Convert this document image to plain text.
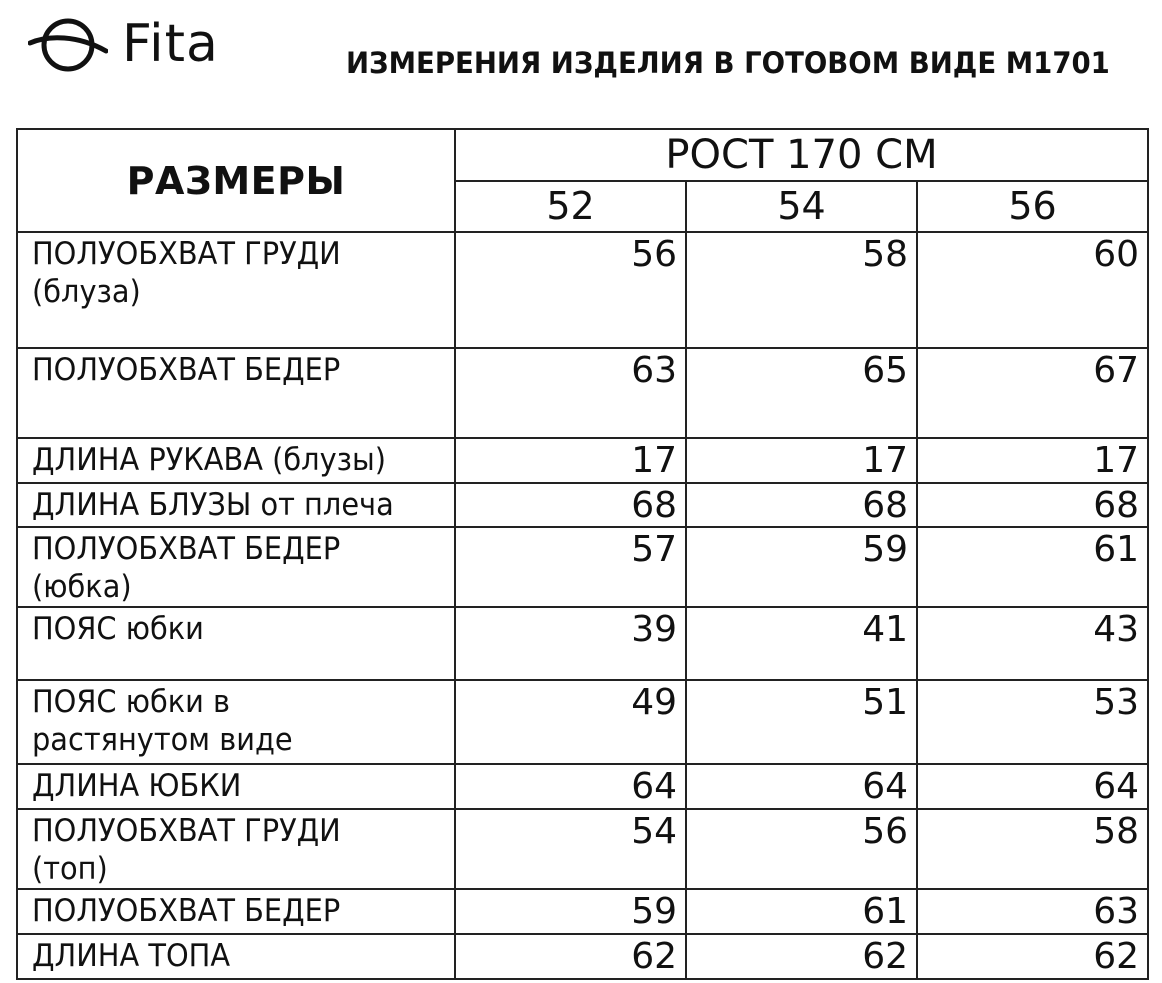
Fita	ИЗМЕРЕНИЯ ИЗДЕЛИЯ В ГОТОВОМ ВИДЕ М1701
РАЗМЕРЫ	РОСТ 170 СМ		
	52	54	56
ПОЛУОБХВАТ ГРУДИ
(блуза)	56	58	60
ПОЛУОБХВАТ БЕДЕР	63	65	67
ДЛИНА РУКАВА (блузы)	17	17	17
ДЛИНА БЛУЗЫ от плеча	68	68	68
ПОЛУОБХВАТ БЕДЕР
(юбка)	57	59	61
ПОЯС юбки	39	41	43
ПОЯС юбки в
растянутом виде	49	51	53
ДЛИНА ЮБКИ	64	64	64
ПОЛУОБХВАТ ГРУДИ
(топ)	54	56	58
ПОЛУОБХВАТ БЕДЕР	59	61	63
ДЛИНА ТОПА	62	62	62
